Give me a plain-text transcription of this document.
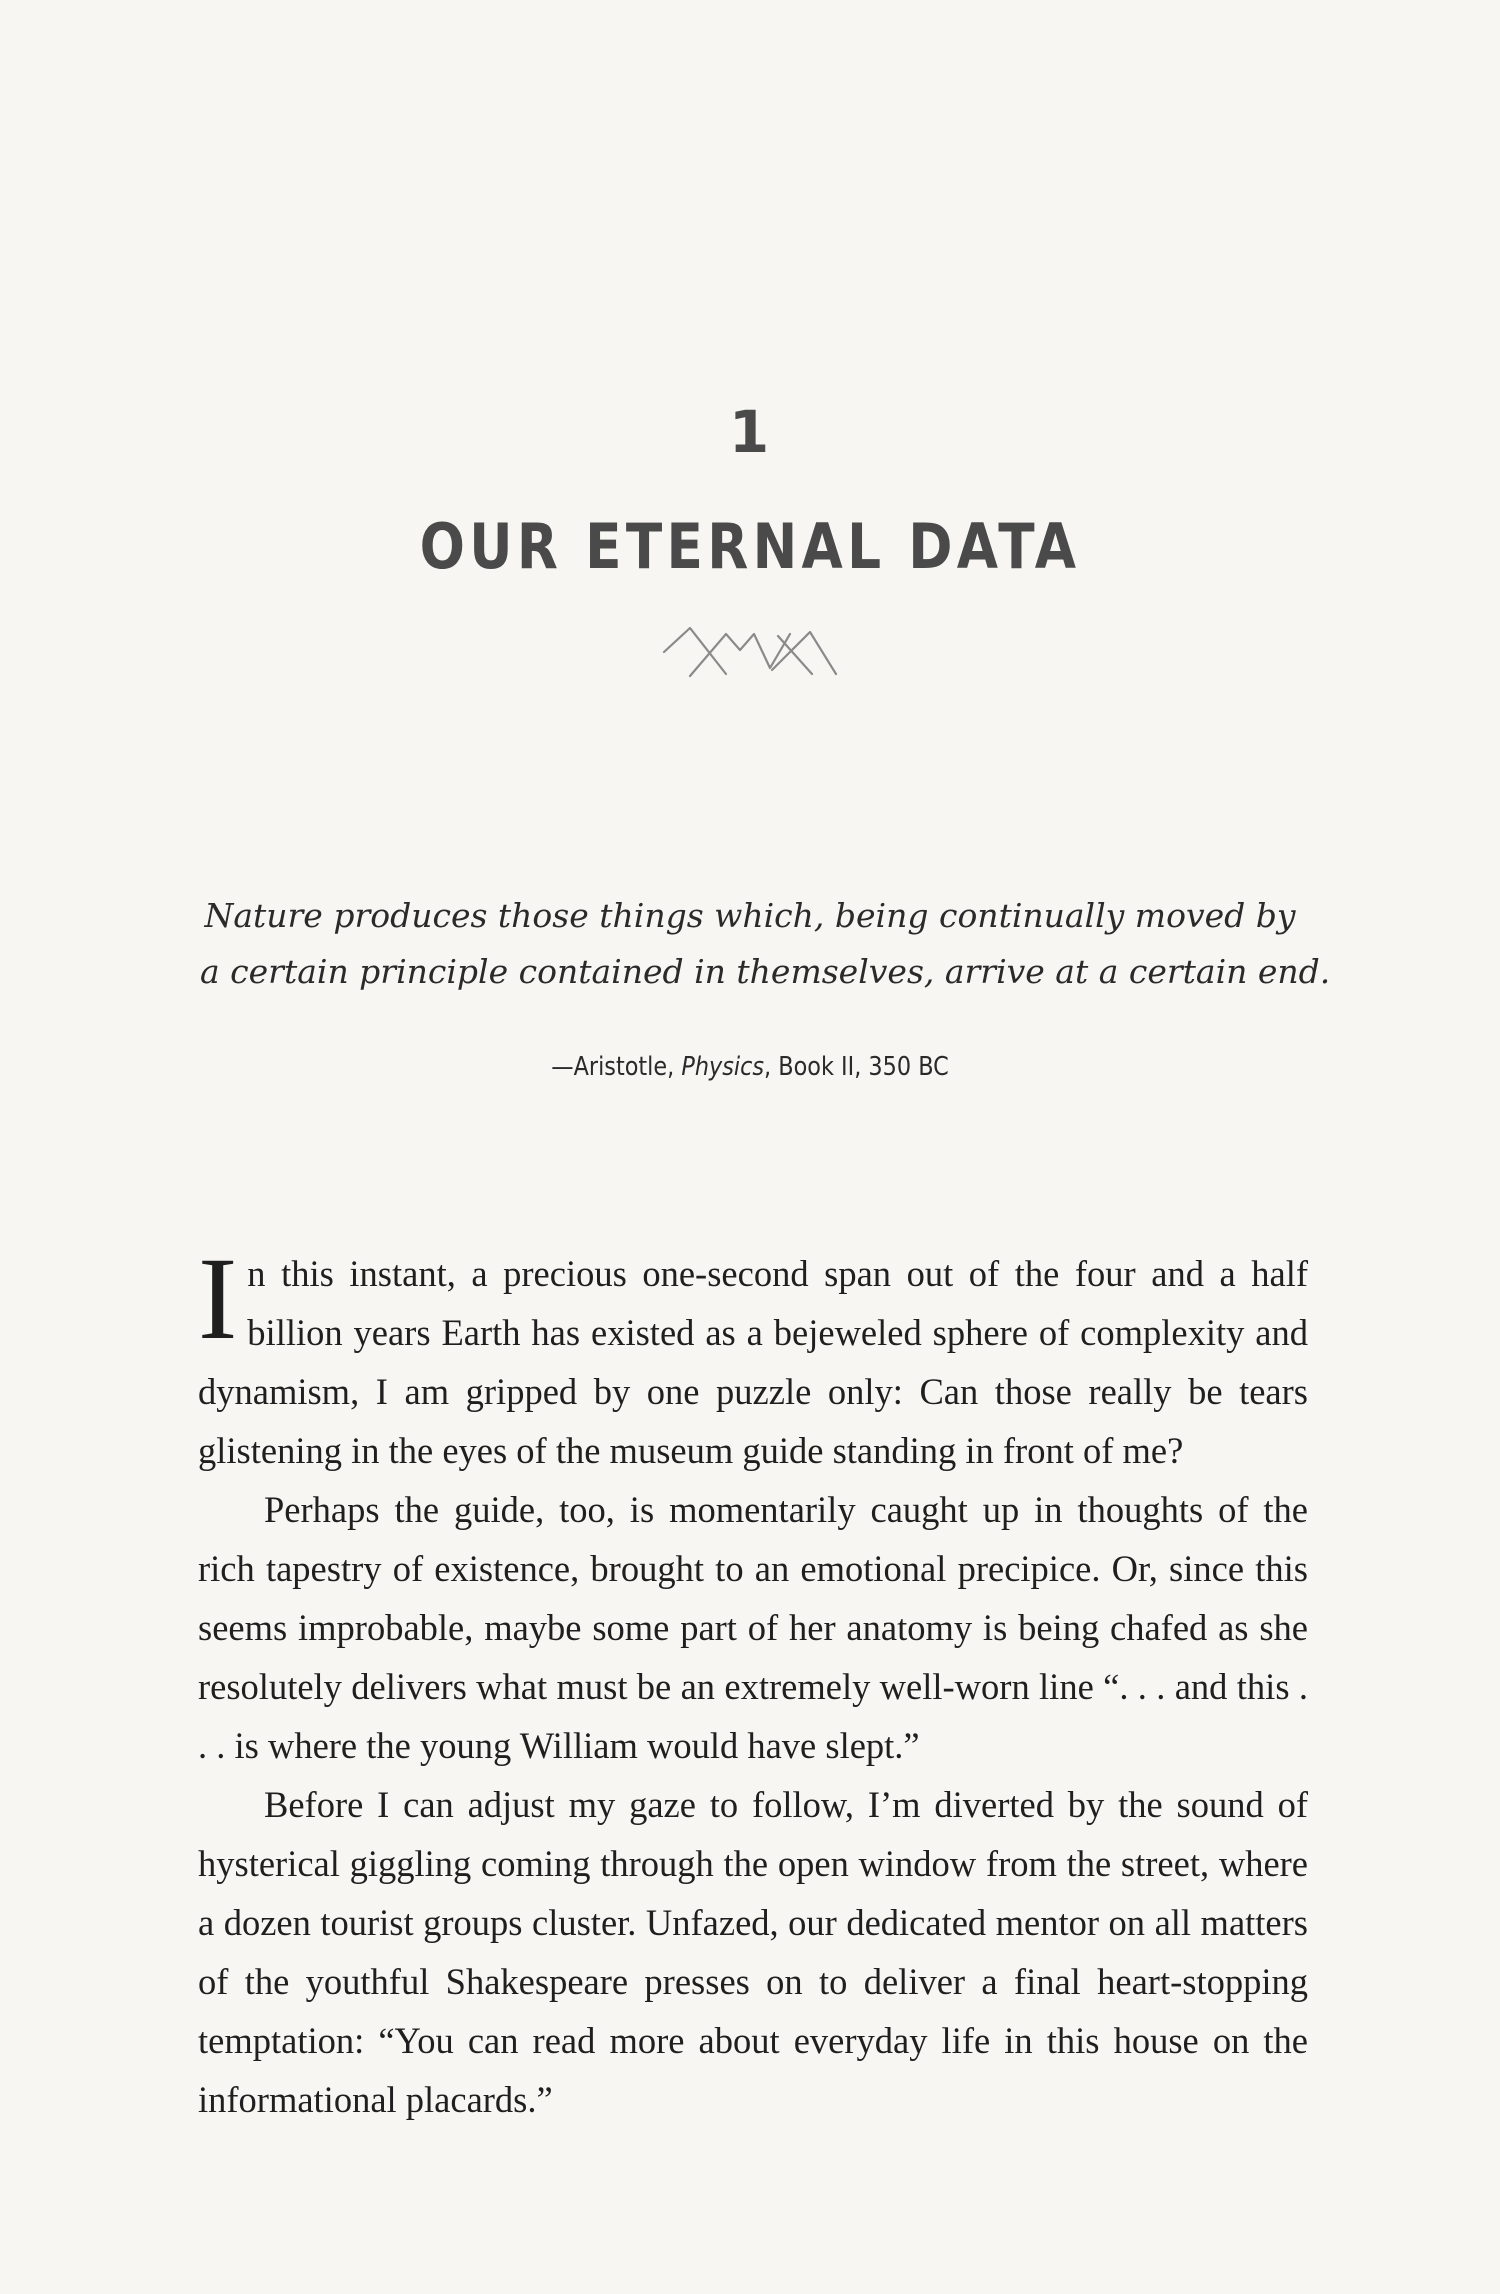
1
OUR ETERNAL DATA
Nature produces those things which, being continually moved by
a certain principle contained in themselves, arrive at a certain end.
—Aristotle, Physics, Book II, 350 BC

In this instant, a precious one-second span out of the four and a half billion years Earth has existed as a bejeweled sphere of complexity and dynamism, I am gripped by one puzzle only: Can those really be tears glistening in the eyes of the museum guide standing in front of me?

Perhaps the guide, too, is momentarily caught up in thoughts of the rich tapestry of existence, brought to an emotional precipice. Or, since this seems improbable, maybe some part of her anatomy is being chafed as she resolutely delivers what must be an extremely well-worn line “. . . and this . . . is where the young William would have slept.”

Before I can adjust my gaze to follow, I’m diverted by the sound of hysterical giggling coming through the open window from the street, where a dozen tourist groups cluster. Unfazed, our dedicated mentor on all matters of the youthful Shakespeare presses on to deliver a final heart-stopping temptation: “You can read more about everyday life in this house on the informational placards.”
